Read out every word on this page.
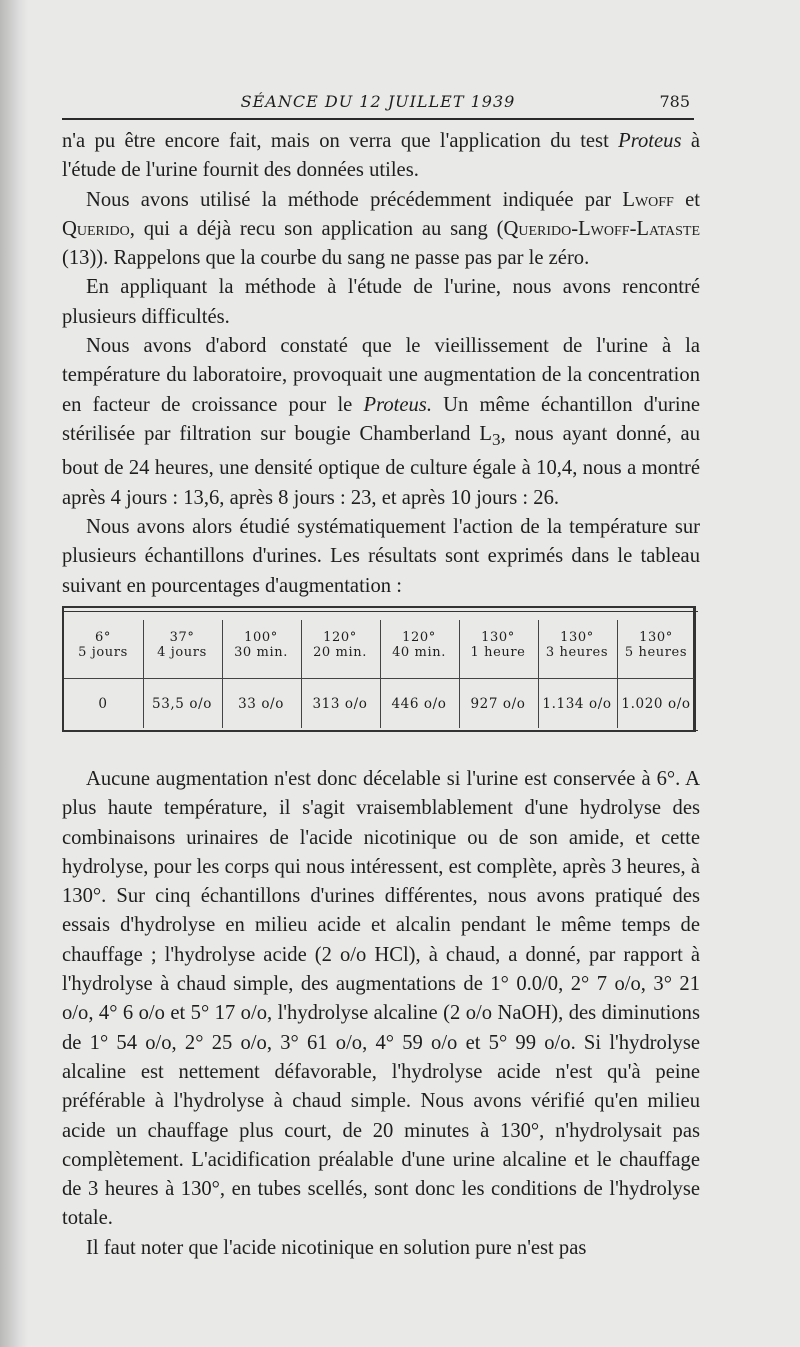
SÉANCE DU 12 JUILLET 1939	785

n'a pu être encore fait, mais on verra que l'application du test Proteus à l'étude de l'urine fournit des données utiles.

Nous avons utilisé la méthode précédemment indiquée par Lwoff et Querido, qui a déjà recu son application au sang (Querido-Lwoff-Lataste (13)). Rappelons que la courbe du sang ne passe pas par le zéro.

En appliquant la méthode à l'étude de l'urine, nous avons rencontré plusieurs difficultés.

Nous avons d'abord constaté que le vieillissement de l'urine à la température du laboratoire, provoquait une augmentation de la concentration en facteur de croissance pour le Proteus. Un même échantillon d'urine stérilisée par filtration sur bougie Chamberland $L_3$, nous ayant donné, au bout de 24 heures, une densité optique de culture égale à 10,4, nous a montré après 4 jours : 13,6, après 8 jours : 23, et après 10 jours : 26.

Nous avons alors étudié systématiquement l'action de la température sur plusieurs échantillons d'urines. Les résultats sont exprimés dans le tableau suivant en pourcentages d'augmentation :

6°
5 jours
0
37°
4 jours
53,5 o/o
100°
30 min.
33 o/o
120°
20 min.
313 o/o
120°
40 min.
446 o/o
130°
1 heure
927 o/o
130°
3 heures
1.134 o/o
130°
5 heures
1.020 o/o

Aucune augmentation n'est donc décelable si l'urine est conservée à 6°. A plus haute température, il s'agit vraisemblablement d'une hydrolyse des combinaisons urinaires de l'acide nicotinique ou de son amide, et cette hydrolyse, pour les corps qui nous intéressent, est complète, après 3 heures, à 130°. Sur cinq échantillons d'urines différentes, nous avons pratiqué des essais d'hydrolyse en milieu acide et alcalin pendant le même temps de chauffage ; l'hydrolyse acide (2 o/o HCl), à chaud, a donné, par rapport à l'hydrolyse à chaud simple, des augmentations de 1° 0.0/0, 2° 7 o/o, 3° 21 o/o, 4° 6 o/o et 5° 17 o/o, l'hydrolyse alcaline (2 o/o NaOH), des diminutions de 1° 54 o/o, 2° 25 o/o, 3° 61 o/o, 4° 59 o/o et 5° 99 o/o. Si l'hydrolyse alcaline est nettement défavorable, l'hydrolyse acide n'est qu'à peine préférable à l'hydrolyse à chaud simple. Nous avons vérifié qu'en milieu acide un chauffage plus court, de 20 minutes à 130°, n'hydrolysait pas complètement. L'acidification préalable d'une urine alcaline et le chauffage de 3 heures à 130°, en tubes scellés, sont donc les conditions de l'hydrolyse totale.

Il faut noter que l'acide nicotinique en solution pure n'est pas
